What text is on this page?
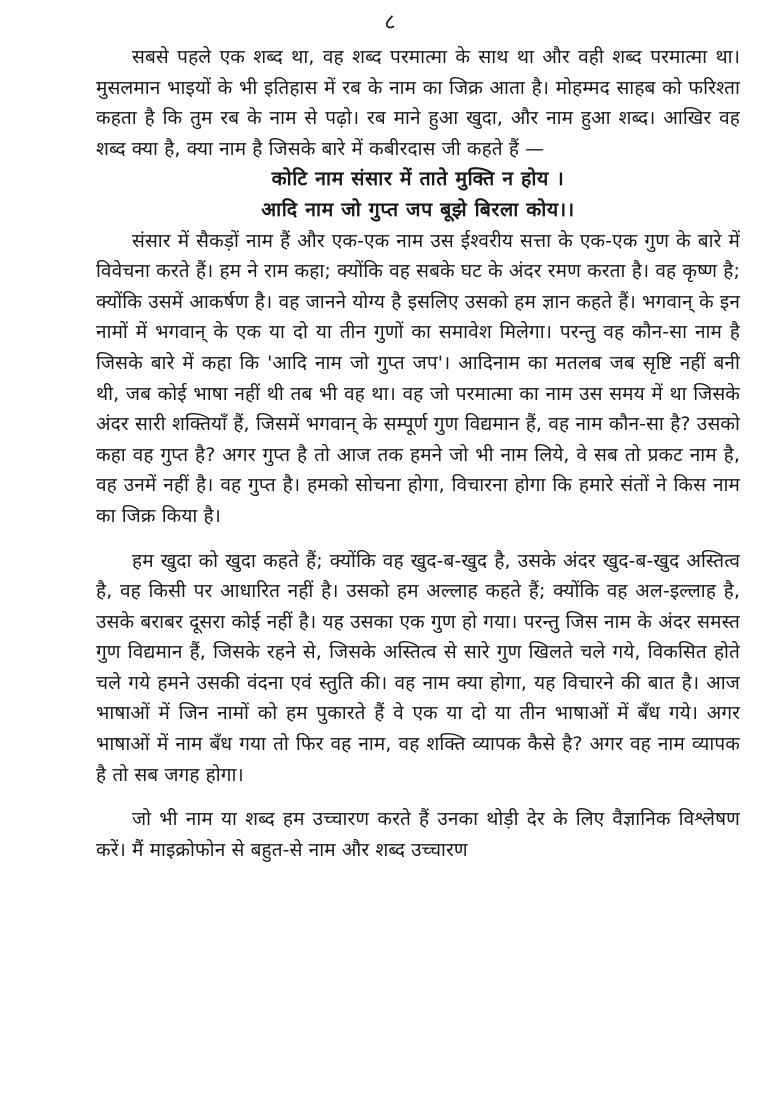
८

सबसे पहले एक शब्द था, वह शब्द परमात्मा के साथ था और वही शब्द परमात्मा था। मुसलमान भाइयों के भी इतिहास में रब के नाम का जिक्र आता है। मोहम्मद साहब को फरिश्ता कहता है कि तुम रब के नाम से पढ़ो। रब माने हुआ खुदा, और नाम हुआ शब्द। आखिर वह शब्द क्या है, क्या नाम है जिसके बारे में कबीरदास जी कहते हैं —

कोटि नाम संसार में ताते मुक्ति न होय ।
आदि नाम जो गुप्त जप बूझे बिरला कोय।।

संसार में सैकड़ों नाम हैं और एक-एक नाम उस ईश्वरीय सत्ता के एक-एक गुण के बारे में विवेचना करते हैं। हम ने राम कहा; क्योंकि वह सबके घट के अंदर रमण करता है। वह कृष्ण है; क्योंकि उसमें आकर्षण है। वह जानने योग्य है इसलिए उसको हम ज्ञान कहते हैं। भगवान् के इन नामों में भगवान् के एक या दो या तीन गुणों का समावेश मिलेगा। परन्तु वह कौन-सा नाम है जिसके बारे में कहा कि 'आदि नाम जो गुप्त जप'। आदिनाम का मतलब जब सृष्टि नहीं बनी थी, जब कोई भाषा नहीं थी तब भी वह था। वह जो परमात्मा का नाम उस समय में था जिसके अंदर सारी शक्तियाँ हैं, जिसमें भगवान् के सम्पूर्ण गुण विद्यमान हैं, वह नाम कौन-सा है? उसको कहा वह गुप्त है? अगर गुप्त है तो आज तक हमने जो भी नाम लिये, वे सब तो प्रकट नाम है, वह उनमें नहीं है। वह गुप्त है। हमको सोचना होगा, विचारना होगा कि हमारे संतों ने किस नाम का जिक्र किया है।

हम खुदा को खुदा कहते हैं; क्योंकि वह खुद-ब-खुद है, उसके अंदर खुद-ब-खुद अस्तित्व है, वह किसी पर आधारित नहीं है। उसको हम अल्लाह कहते हैं; क्योंकि वह अल-इल्लाह है, उसके बराबर दूसरा कोई नहीं है। यह उसका एक गुण हो गया। परन्तु जिस नाम के अंदर समस्त गुण विद्यमान हैं, जिसके रहने से, जिसके अस्तित्व से सारे गुण खिलते चले गये, विकसित होते चले गये हमने उसकी वंदना एवं स्तुति की। वह नाम क्या होगा, यह विचारने की बात है। आज भाषाओं में जिन नामों को हम पुकारते हैं वे एक या दो या तीन भाषाओं में बँध गये। अगर भाषाओं में नाम बँध गया तो फिर वह नाम, वह शक्ति व्यापक कैसे है? अगर वह नाम व्यापक है तो सब जगह होगा।

जो भी नाम या शब्द हम उच्चारण करते हैं उनका थोड़ी देर के लिए वैज्ञानिक विश्लेषण करें। मैं माइक्रोफोन से बहुत-से नाम और शब्द उच्चारण
